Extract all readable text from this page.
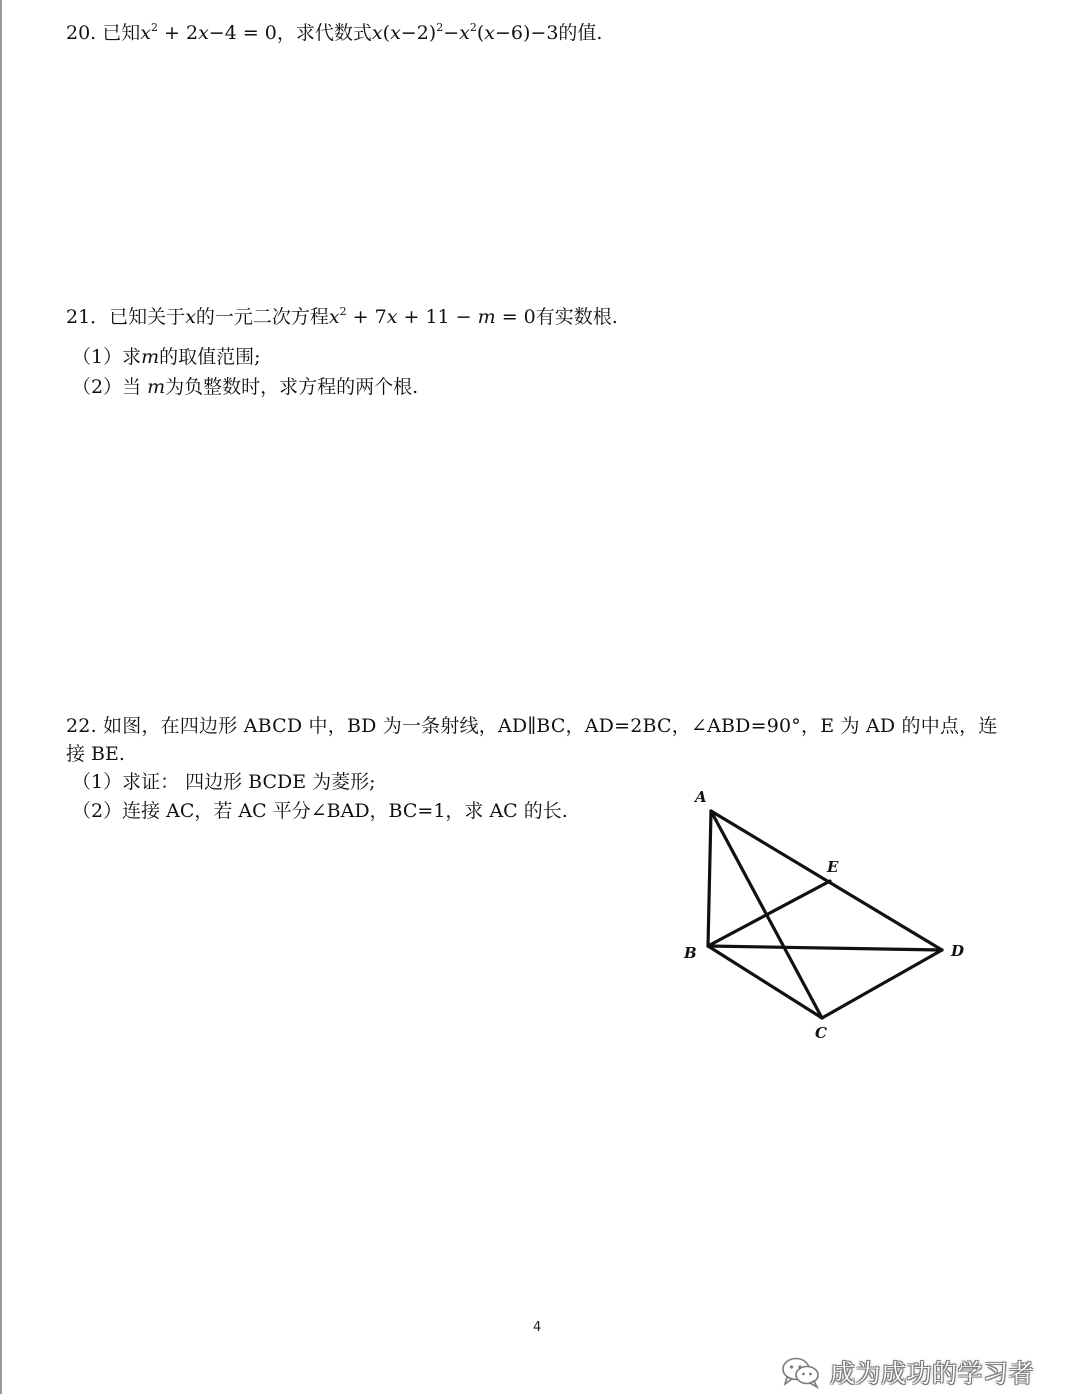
20. 已知$x^2 + 2x-4 = 0$，求代数式$x(x-2)^2-x^2(x-6)-3$的值.
21．已知关于x的一元二次方程$x^2 + 7x + 11 - m = 0$有实数根.
（1）求m的取值范围;
（2）当 m为负整数时，求方程的两个根.
22. 如图，在四边形 ABCD 中，BD 为一条射线，AD∥BC，AD=2BC，∠ABD=90°，E 为 AD 的中点，连
接 BE.
（1）求证： 四边形 BCDE 为菱形;
（2）连接 AC，若 AC 平分∠BAD，BC=1，求 AC 的长.
A
E
B	D
C
4
成为成功的学习者
